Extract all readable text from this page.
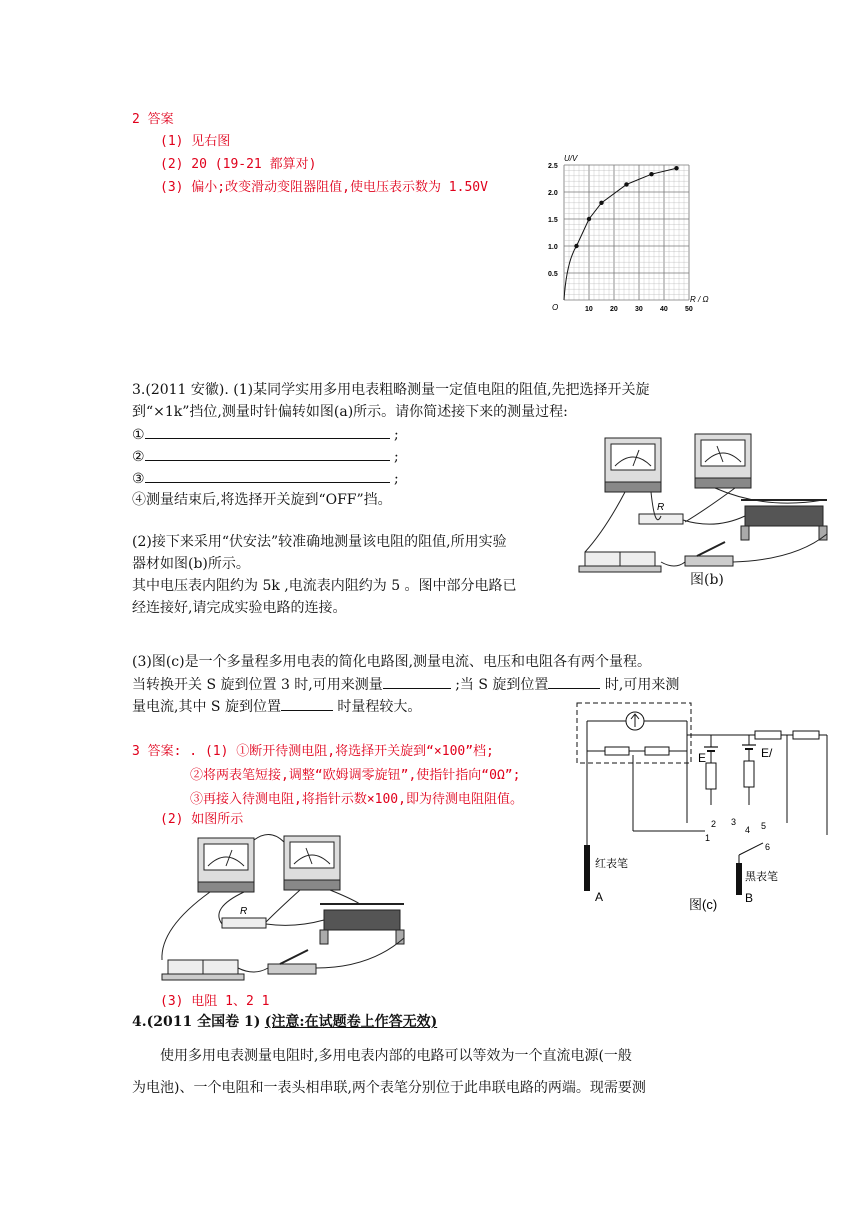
2 答案
(1) 见右图
(2) 20 (19-21 都算对)
(3) 偏小;改变滑动变阻器阻值,使电压表示数为 1.50V
U/V
R / Ω
O	10 20 30 40 50
0.5
1.0
1.5
2.0
2.5
3.(2011 安徽). (1)某同学实用多用电表粗略测量一定值电阻的阻值,先把选择开关旋
到“×1k”挡位,测量时针偏转如图(a)所示。请你简述接下来的测量过程:
①	;
②	;
③	;
④测量结束后,将选择开关旋到“OFF”挡。
(2)接下来采用“伏安法”较准确地测量该电阻的阻值,所用实验
器材如图(b)所示。
其中电压表内阻约为 5k ,电流表内阻约为 5 。图中部分电路已
经连接好,请完成实验电路的连接。
R
图(b)
(3)图(c)是一个多量程多用电表的简化电路图,测量电流、电压和电阻各有两个量程。
当转换开关 S 旋到位置 3 时,可用来测量	;当 S 旋到位置	时,可用来测
量电流,其中 S 旋到位置	时量程较大。
3 答案: . (1) ①断开待测电阻,将选择开关旋到“×100”档;
②将两表笔短接,调整“欧姆调零旋钮”,使指针指向“0Ω”;
③再接入待测电阻,将指针示数×100,即为待测电阻阻值。
(2) 如图所示
R
(3) 电阻 1、2 1
E	E/
1
2 3
4 5
6
红表笔
A
黑表笔
B
图(c)
4.(2011 全国卷 1) (注意:在试题卷上作答无效)
使用多用电表测量电阻时,多用电表内部的电路可以等效为一个直流电源(一般
为电池)、一个电阻和一表头相串联,两个表笔分别位于此串联电路的两端。现需要测
